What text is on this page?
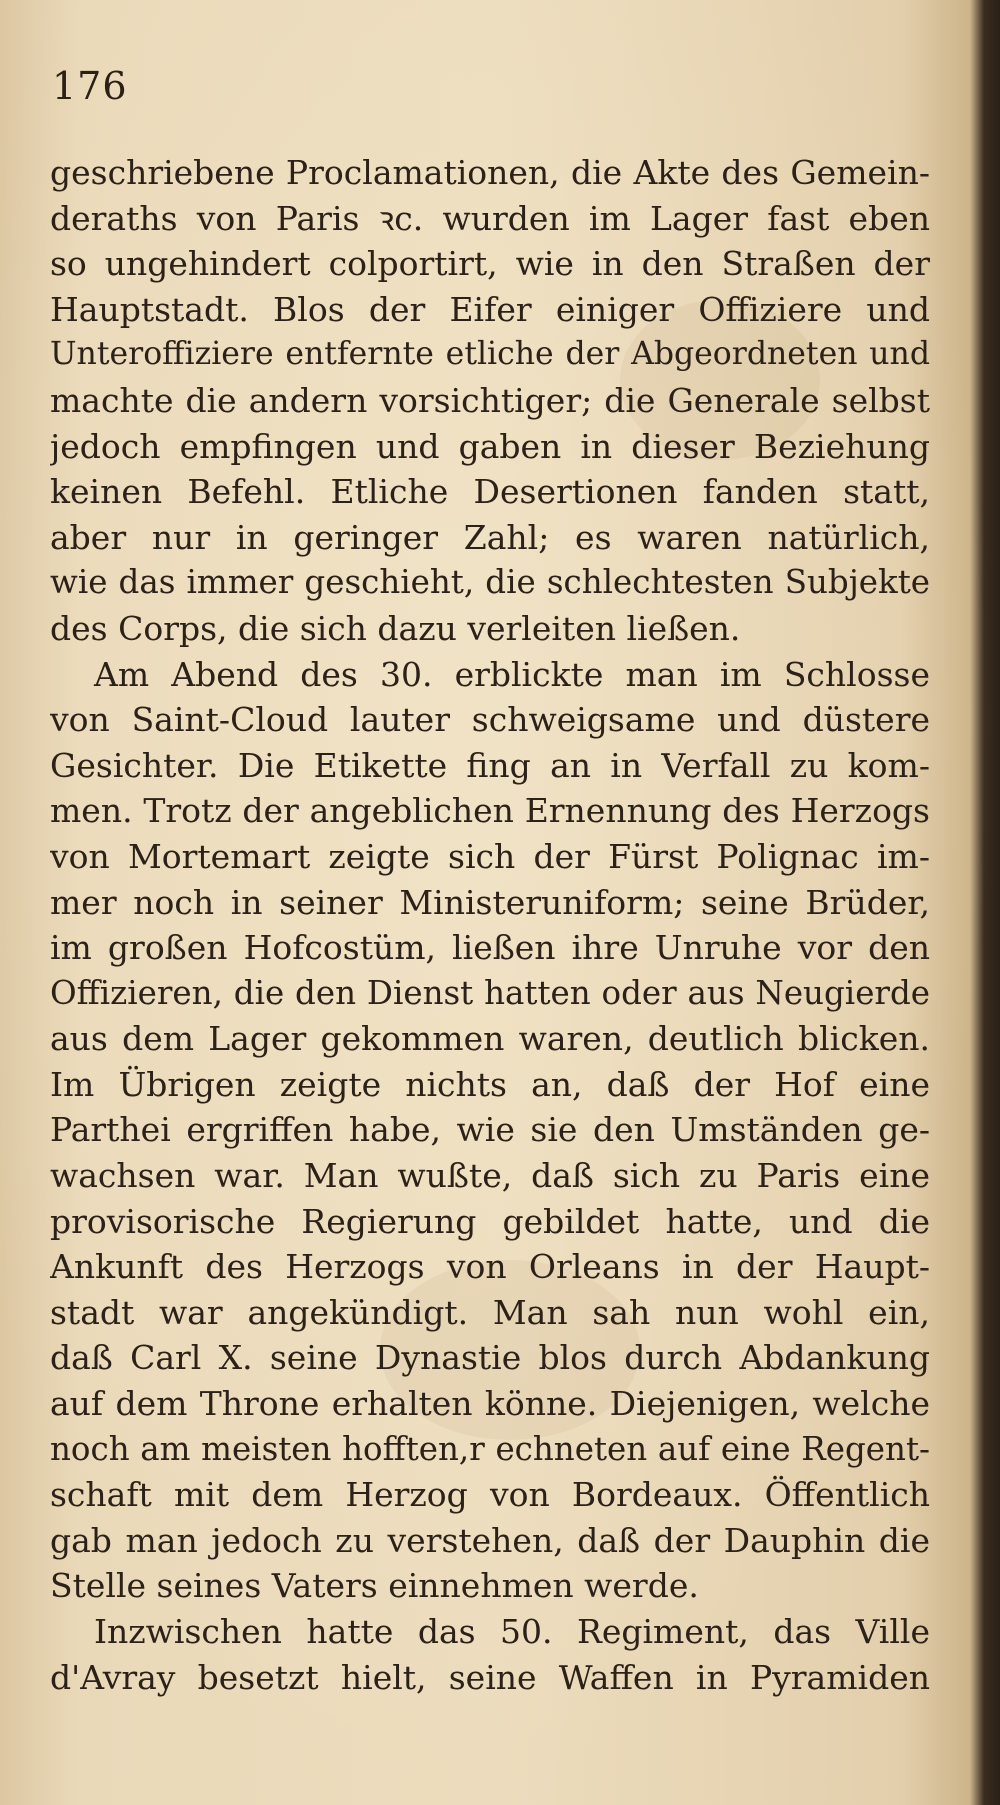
176
geschriebene Proclamationen, die Akte des Gemein-
deraths von Paris ꝛc. wurden im Lager fast eben
so ungehindert colportirt, wie in den Straßen der
Hauptstadt. Blos der Eifer einiger Offiziere und
Unteroffiziere entfernte etliche der Abgeordneten und
machte die andern vorsichtiger; die Generale selbst
jedoch empfingen und gaben in dieser Beziehung
keinen Befehl. Etliche Desertionen fanden statt,
aber nur in geringer Zahl; es waren natürlich,
wie das immer geschieht, die schlechtesten Subjekte
des Corps, die sich dazu verleiten ließen.
Am Abend des 30. erblickte man im Schlosse
von Saint-Cloud lauter schweigsame und düstere
Gesichter. Die Etikette fing an in Verfall zu kom-
men. Trotz der angeblichen Ernennung des Herzogs
von Mortemart zeigte sich der Fürst Polignac im-
mer noch in seiner Ministeruniform; seine Brüder,
im großen Hofcostüm, ließen ihre Unruhe vor den
Offizieren, die den Dienst hatten oder aus Neugierde
aus dem Lager gekommen waren, deutlich blicken.
Im Übrigen zeigte nichts an, daß der Hof eine
Parthei ergriffen habe, wie sie den Umständen ge-
wachsen war. Man wußte, daß sich zu Paris eine
provisorische Regierung gebildet hatte, und die
Ankunft des Herzogs von Orleans in der Haupt-
stadt war angekündigt. Man sah nun wohl ein,
daß Carl X. seine Dynastie blos durch Abdankung
auf dem Throne erhalten könne. Diejenigen, welche
noch am meisten hofften,r echneten auf eine Regent-
schaft mit dem Herzog von Bordeaux. Öffentlich
gab man jedoch zu verstehen, daß der Dauphin die
Stelle seines Vaters einnehmen werde.
Inzwischen hatte das 50. Regiment, das Ville
d'Avray besetzt hielt, seine Waffen in Pyramiden
